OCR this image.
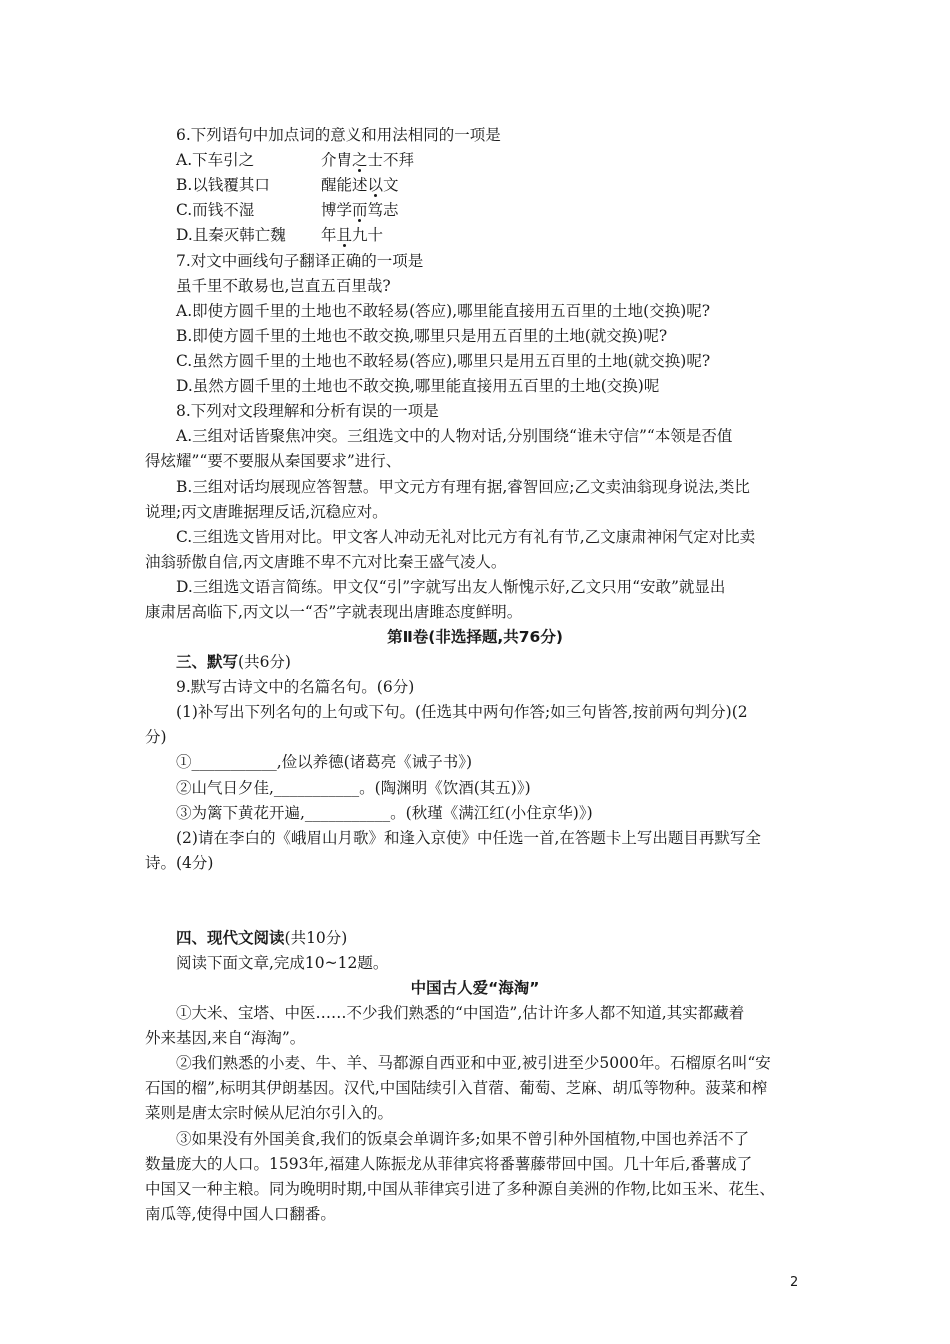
6.下列语句中加点词的意义和用法相同的一项是
A.下车引之	介胄之士不拜
B.以钱覆其口	醒能述以文
C.而钱不湿	博学而笃志
D.且秦灭韩亡魏 年且九十
7.对文中画线句子翻译正确的一项是
虽千里不敢易也,岂直五百里哉?
A.即使方圆千里的土地也不敢轻易(答应),哪里能直接用五百里的土地(交换)呢?
B.即使方圆千里的土地也不敢交换,哪里只是用五百里的土地(就交换)呢?
C.虽然方圆千里的土地也不敢轻易(答应),哪里只是用五百里的土地(就交换)呢?
D.虽然方圆千里的土地也不敢交换,哪里能直接用五百里的土地(交换)呢
8.下列对文段理解和分析有误的一项是
A.三组对话皆聚焦冲突。三组选文中的人物对话,分别围绕“谁未守信”“本领是否值
得炫耀”“要不要服从秦国要求”进行、
B.三组对话均展现应答智慧。甲文元方有理有据,睿智回应;乙文卖油翁现身说法,类比
说理;丙文唐雎据理反话,沉稳应对。
C.三组选文皆用对比。甲文客人冲动无礼对比元方有礼有节,乙文康肃神闲气定对比卖
油翁骄傲自信,丙文唐雎不卑不亢对比秦王盛气凌人。
D.三组选文语言简练。甲文仅“引”字就写出友人惭愧示好,乙文只用“安敢”就显出
康肃居高临下,丙文以一“否”字就表现出唐雎态度鲜明。
第Ⅱ卷(非选择题,共76分)
三、默写(共6分)
9.默写古诗文中的名篇名句。(6分)
(1)补写出下列名句的上句或下句。(任选其中两句作答;如三句皆答,按前两句判分)(2
分)
①___________,俭以养德(诸葛亮《诫子书》)
②山气日夕佳,___________。(陶渊明《饮酒(其五)》)
③为篱下黄花开遍,___________。(秋瑾《满江红(小住京华)》)
(2)请在李白的《峨眉山月歌》和逢入京使》中任选一首,在答题卡上写出题目再默写全
诗。(4分)
四、现代文阅读(共10分)
阅读下面文章,完成10~12题。
中国古人爱“海淘”
①大米、宝塔、中医……不少我们熟悉的“中国造”,估计许多人都不知道,其实都藏着
外来基因,来自“海淘”。
②我们熟悉的小麦、牛、羊、马都源自西亚和中亚,被引进至少5000年。石榴原名叫“安
石国的榴”,标明其伊朗基因。汉代,中国陆续引入苜蓿、葡萄、芝麻、胡瓜等物种。菠菜和榨
菜则是唐太宗时候从尼泊尔引入的。
③如果没有外国美食,我们的饭桌会单调许多;如果不曾引种外国植物,中国也养活不了
数量庞大的人口。1593年,福建人陈振龙从菲律宾将番薯藤带回中国。几十年后,番薯成了
中国又一种主粮。同为晚明时期,中国从菲律宾引进了多种源自美洲的作物,比如玉米、花生、
南瓜等,使得中国人口翻番。
2
